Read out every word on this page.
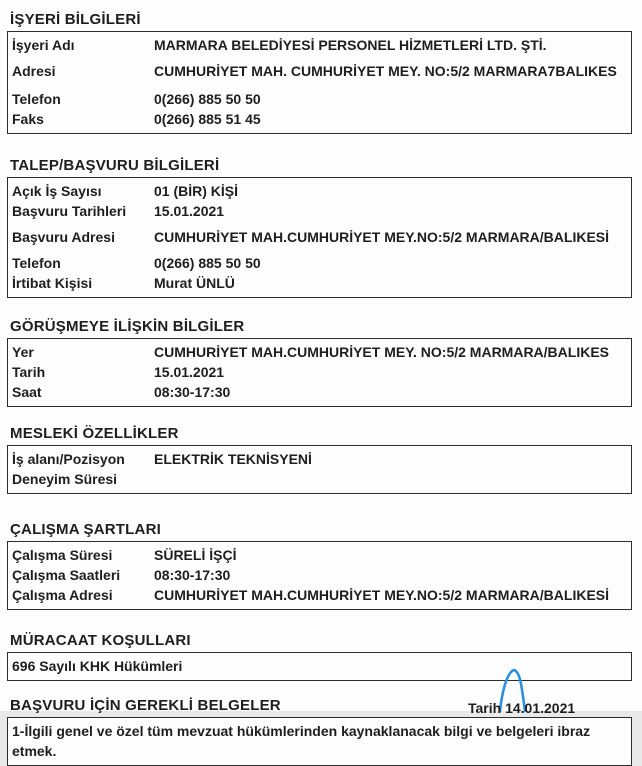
İŞYERİ BİLGİLERİ
İşyeri Adı	MARMARA BELEDİYESİ PERSONEL HİZMETLERİ LTD. ŞTİ.
Adresi	CUMHURİYET MAH. CUMHURİYET MEY. NO:5/2 MARMARA7BALIKES
Telefon	0(266) 885 50 50
Faks	0(266) 885 51 45
TALEP/BAŞVURU BİLGİLERİ
Açık İş Sayısı	01 (BİR) KİŞİ
Başvuru Tarihleri	15.01.2021
Başvuru Adresi	CUMHURİYET MAH.CUMHURİYET MEY.NO:5/2 MARMARA/BALIKESİ
Telefon	0(266) 885 50 50
İrtibat Kişisi	Murat ÜNLÜ
GÖRÜŞMEYE İLİŞKİN BİLGİLER
Yer	CUMHURİYET MAH.CUMHURİYET MEY. NO:5/2 MARMARA/BALIKES
Tarih	15.01.2021
Saat	08:30-17:30
MESLEKİ ÖZELLİKLER
İş alanı/Pozisyon	ELEKTRİK TEKNİSYENİ
Deneyim Süresi
ÇALIŞMA ŞARTLARI
Çalışma Süresi	SÜRELİ İŞÇİ
Çalışma Saatleri	08:30-17:30
Çalışma Adresi	CUMHURİYET MAH.CUMHURİYET MEY.NO:5/2 MARMARA/BALIKESİ
MÜRACAAT KOŞULLARI
696 Sayılı KHK Hükümleri
BAŞVURU İÇİN GEREKLİ BELGELER
1-İlgili genel ve özel tüm mevzuat hükümlerinden kaynaklanacak bilgi ve belgeleri ibraz
etmek.
Tarih 14.01.2021
